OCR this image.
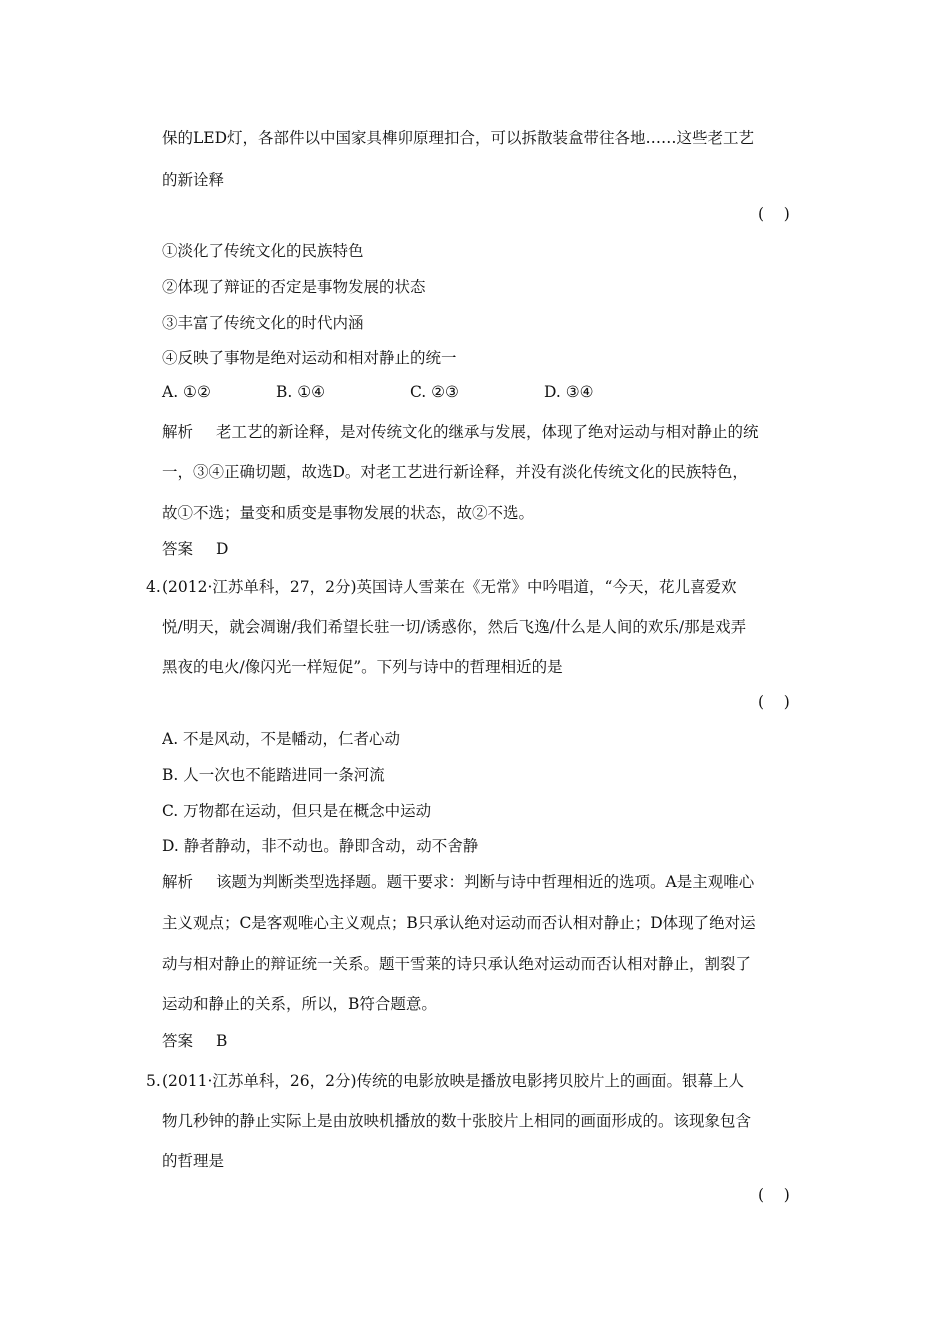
保的LED灯，各部件以中国家具榫卯原理扣合，可以拆散装盒带往各地……这些老工艺
的新诠释
(    )
①淡化了传统文化的民族特色
②体现了辩证的否定是事物发展的状态
③丰富了传统文化的时代内涵
④反映了事物是绝对运动和相对静止的统一
A. ①②	B. ①④	C. ②③	D. ③④
解析 老工艺的新诠释，是对传统文化的继承与发展，体现了绝对运动与相对静止的统
一，③④正确切题，故选D。对老工艺进行新诠释，并没有淡化传统文化的民族特色，
故①不选；量变和质变是事物发展的状态，故②不选。
答案 D
4. (2012·江苏单科，27，2分)英国诗人雪莱在《无常》中吟唱道，“今天，花儿喜爱欢
悦/明天，就会凋谢/我们希望长驻一切/诱惑你，然后飞逸/什么是人间的欢乐/那是戏弄
黑夜的电火/像闪光一样短促”。下列与诗中的哲理相近的是
(    )
A. 不是风动，不是幡动，仁者心动
B. 人一次也不能踏进同一条河流
C. 万物都在运动，但只是在概念中运动
D. 静者静动，非不动也。静即含动，动不舍静
解析 该题为判断类型选择题。题干要求：判断与诗中哲理相近的选项。A是主观唯心
主义观点；C是客观唯心主义观点；B只承认绝对运动而否认相对静止；D体现了绝对运
动与相对静止的辩证统一关系。题干雪莱的诗只承认绝对运动而否认相对静止，割裂了
运动和静止的关系，所以，B符合题意。
答案 B
5. (2011·江苏单科，26，2分)传统的电影放映是播放电影拷贝胶片上的画面。银幕上人
物几秒钟的静止实际上是由放映机播放的数十张胶片上相同的画面形成的。该现象包含
的哲理是
(    )
